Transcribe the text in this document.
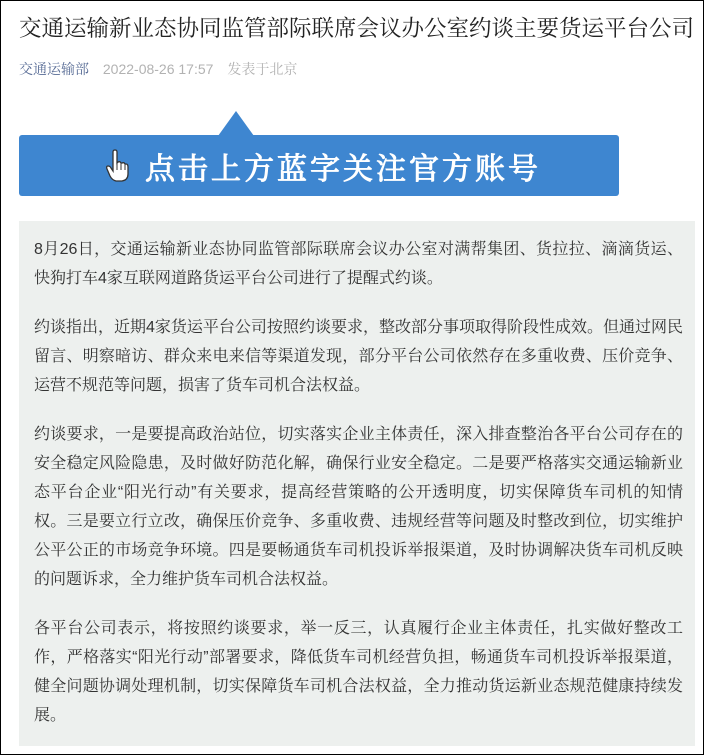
交通运输新业态协同监管部际联席会议办公室约谈主要货运平台公司
交通运输部 2022-08-26 17:57 发表于北京
点击上方蓝字关注官方账号

8月26日，交通运输新业态协同监管部际联席会议办公室对满帮集团、货拉拉、滴滴货运、快狗打车4家互联网道路货运平台公司进行了提醒式约谈。

约谈指出，近期4家货运平台公司按照约谈要求，整改部分事项取得阶段性成效。但通过网民留言、明察暗访、群众来电来信等渠道发现，部分平台公司依然存在多重收费、压价竞争、运营不规范等问题，损害了货车司机合法权益。

约谈要求，一是要提高政治站位，切实落实企业主体责任，深入排查整治各平台公司存在的安全稳定风险隐患，及时做好防范化解，确保行业安全稳定。二是要严格落实交通运输新业态平台企业“阳光行动”有关要求，提高经营策略的公开透明度，切实保障货车司机的知情权。三是要立行立改，确保压价竞争、多重收费、违规经营等问题及时整改到位，切实维护公平公正的市场竞争环境。四是要畅通货车司机投诉举报渠道，及时协调解决货车司机反映的问题诉求，全力维护货车司机合法权益。

各平台公司表示，将按照约谈要求，举一反三，认真履行企业主体责任，扎实做好整改工作，严格落实“阳光行动”部署要求，降低货车司机经营负担，畅通货车司机投诉举报渠道，健全问题协调处理机制，切实保障货车司机合法权益，全力推动货运新业态规范健康持续发展。
